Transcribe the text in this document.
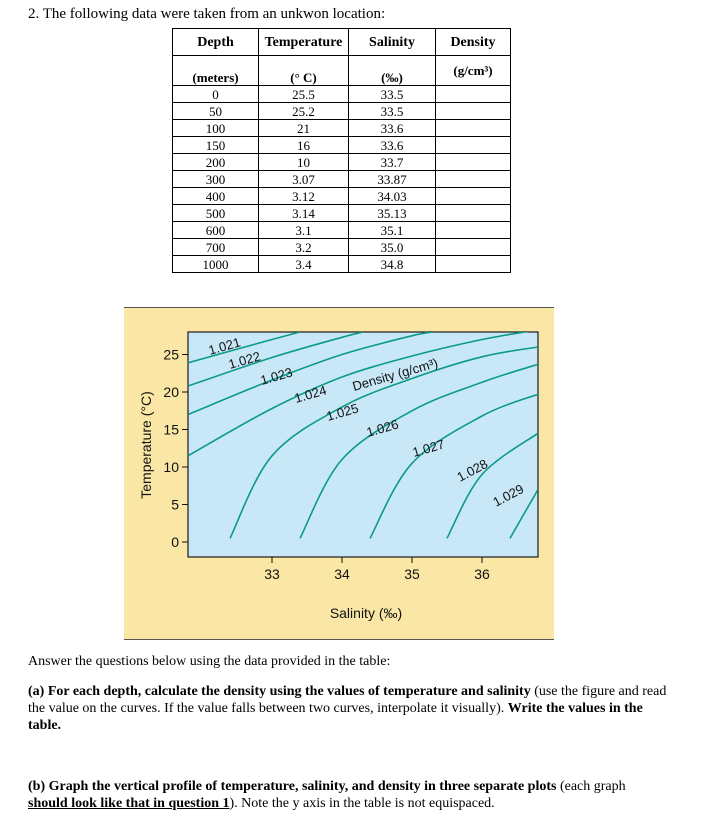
2. The following data were taken from an unkwon location:
Depth	Temperature	Salinity	Density
(meters)	(° C)	(‰)	(g/cm³)
0	25.5	33.5	
50	25.2	33.5	
100	21	33.6	
150	16	33.6	
200	10	33.7	
300	3.07	33.87	
400	3.12	34.03	
500	3.14	35.13	
600	3.1	35.1	
700	3.2	35.0	
1000	3.4	34.8	
1.021
1.022
1.023
1.024
1.025
1.026
1.027
1.028
1.029
0
5
10
15
20
25
33	34	35	36
Density (g/cm³)
Salinity (‰)
Temperature (°C)
Answer the questions below using the data provided in the table:
(a) For each depth, calculate the density using the values of temperature and salinity (use the figure and read the value on the curves. If the value falls between two curves, interpolate it visually). Write the values in the table.
(b) Graph the vertical profile of temperature, salinity, and density in three separate plots (each graph should look like that in question 1). Note the y axis in the table is not equispaced.
